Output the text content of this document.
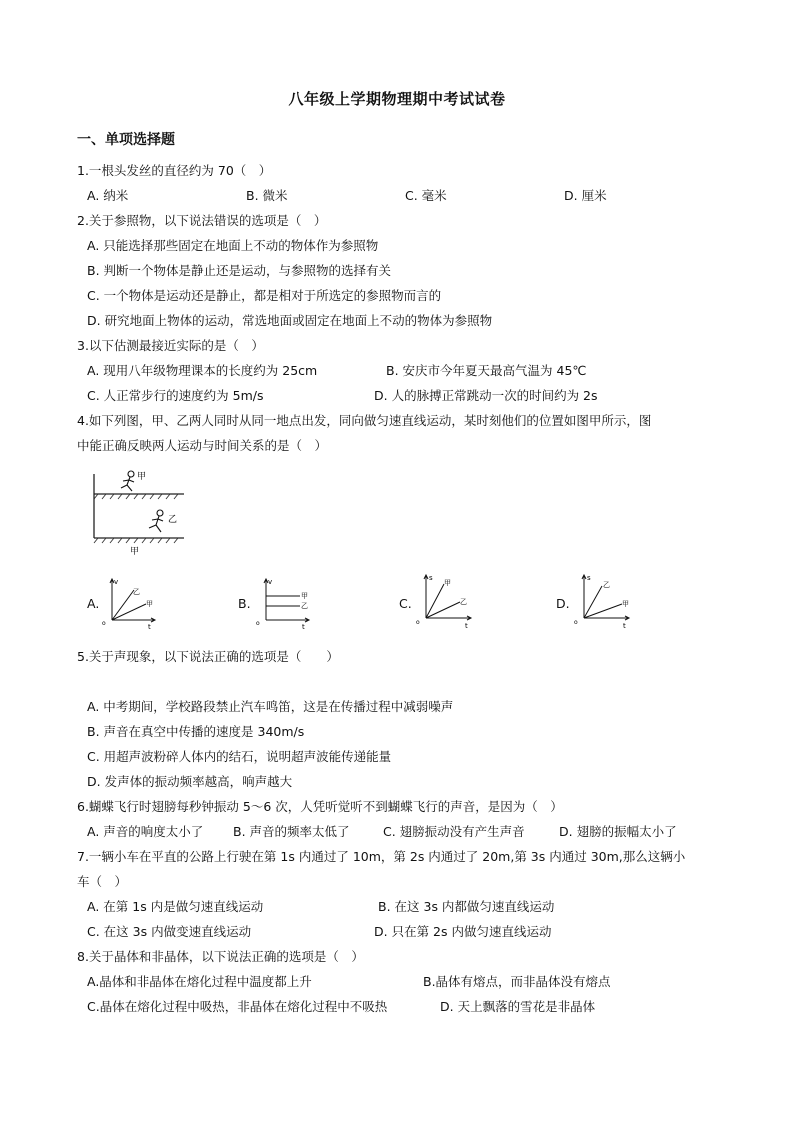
八年级上学期物理期中考试试卷
一、单项选择题
1.一根头发丝的直径约为 70（　）
A. 纳米	B. 微米	C. 毫米	D. 厘米
2.关于参照物，以下说法错误的选项是（　）
A. 只能选择那些固定在地面上不动的物体作为参照物
B. 判断一个物体是静止还是运动，与参照物的选择有关
C. 一个物体是运动还是静止，都是相对于所选定的参照物而言的
D. 研究地面上物体的运动，常选地面或固定在地面上不动的物体为参照物
3.以下估测最接近实际的是（　）
A. 现用八年级物理课本的长度约为 25cm	B. 安庆市今年夏天最高气温为 45℃
C. 人正常步行的速度约为 5m/s	D. 人的脉搏正常跳动一次的时间约为 2s
4.如下列图，甲、乙两人同时从同一地点出发，同向做匀速直线运动，某时刻他们的位置如图甲所示，图
中能正确反映两人运动与时间关系的是（　）
甲
乙
甲
A.	B.	C.	D.
v
t
o
乙
甲
v
t
o
甲
乙
s
t
o
甲
乙
s
t
o
乙
甲
5.关于声现象，以下说法正确的选项是（　　）
A. 中考期间，学校路段禁止汽车鸣笛，这是在传播过程中减弱噪声
B. 声音在真空中传播的速度是 340m/s
C. 用超声波粉碎人体内的结石，说明超声波能传递能量
D. 发声体的振动频率越高，响声越大
6.蝴蝶飞行时翅膀每秒钟振动 5～6 次，人凭听觉听不到蝴蝶飞行的声音，是因为（　）
A. 声音的响度太小了 B. 声音的频率太低了	C. 翅膀振动没有产生声音	D. 翅膀的振幅太小了
7.一辆小车在平直的公路上行驶在第 1s 内通过了 10m，第 2s 内通过了 20m,第 3s 内通过 30m,那么这辆小
车（　）
A. 在第 1s 内是做匀速直线运动	B. 在这 3s 内都做匀速直线运动
C. 在这 3s 内做变速直线运动	D. 只在第 2s 内做匀速直线运动
8.关于晶体和非晶体，以下说法正确的选项是（　）
A.晶体和非晶体在熔化过程中温度都上升	B.晶体有熔点，而非晶体没有熔点
C.晶体在熔化过程中吸热，非晶体在熔化过程中不吸热	D. 天上飘落的雪花是非晶体
